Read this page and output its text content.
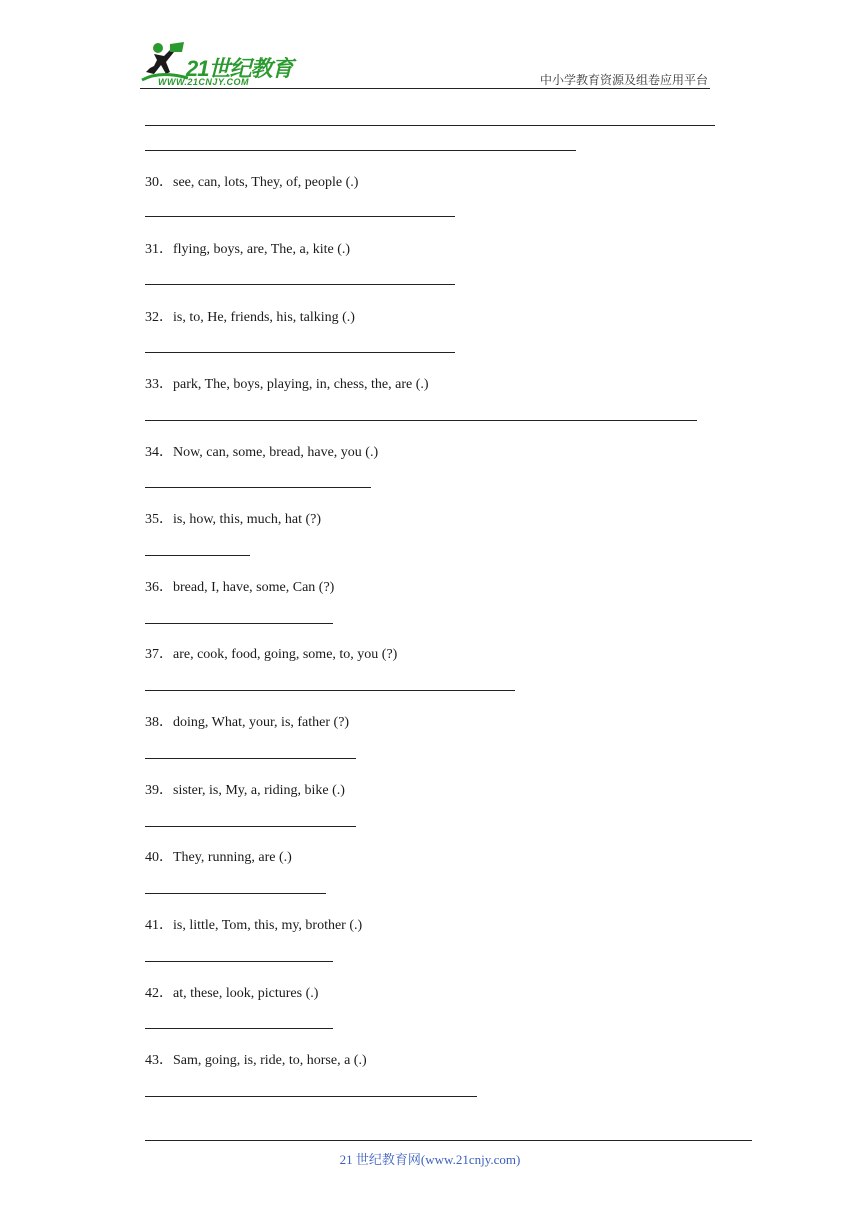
21世纪教育
WWW.21CNJY.COM	中小学教育资源及组卷应用平台
30．see, can, lots, They, of, people (.)
31．flying, boys, are, The, a, kite (.)
32．is, to, He, friends, his, talking (.)
33．park, The, boys, playing, in, chess, the, are (.)
34．Now, can, some, bread, have, you (.)
35．is, how, this, much, hat (?)
36．bread, I, have, some, Can (?)
37．are, cook, food, going, some, to, you (?)
38．doing, What, your, is, father (?)
39．sister, is, My, a, riding, bike (.)
40．They, running, are (.)
41．is, little, Tom, this, my, brother (.)
42．at, these, look, pictures (.)
43．Sam, going, is, ride, to, horse, a (.)
21 世纪教育网(www.21cnjy.com)
